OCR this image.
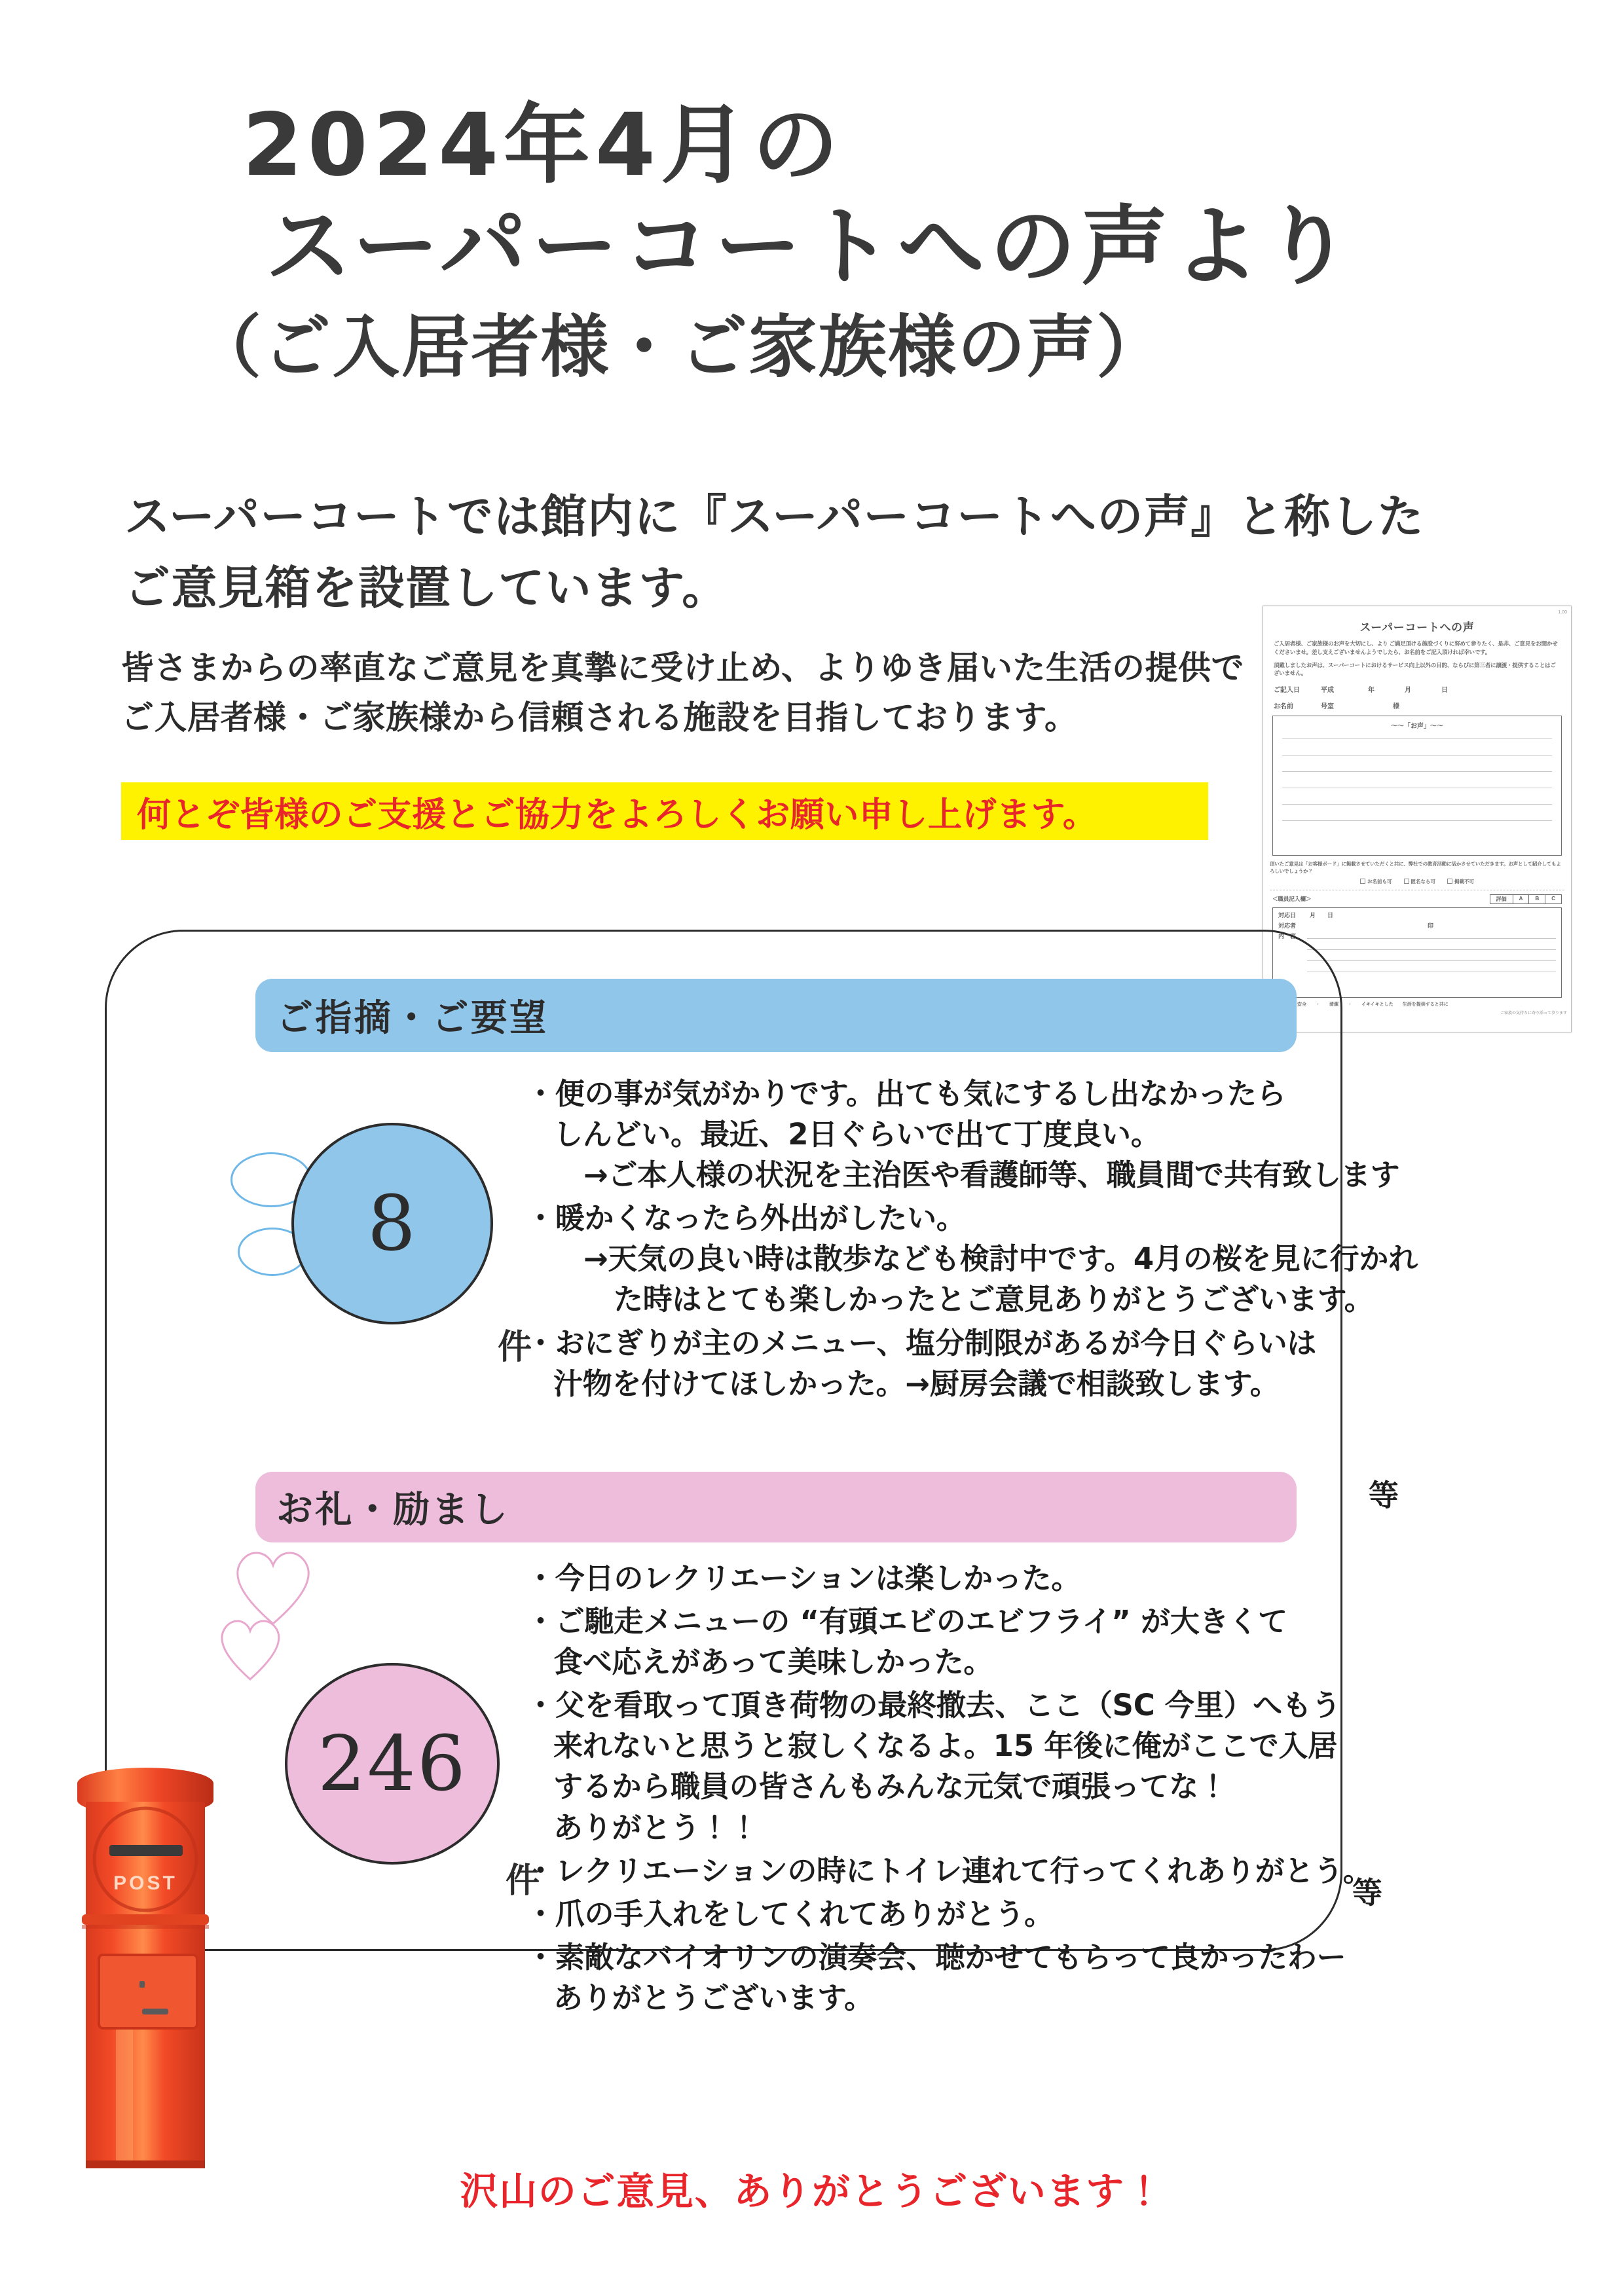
2024年4月の
スーパーコートへの声より
（ご入居者様・ご家族様の声）
スーパーコートでは館内に『スーパーコートへの声』と称した
ご意見箱を設置しています。
皆さまからの率直なご意見を真摯に受け止め、よりゆき届いた生活の提供で
ご入居者様・ご家族様から信頼される施設を目指しております。
何とぞ皆様のご支援とご協力をよろしくお願い申し上げます。
1.00
スーパーコートへの声
ご入居者様、ご家族様のお声を大切にし、より ご満足頂ける施設づくりに努めて参りたく、是非、ご意見をお聞かせくださいませ。差し支えございませんようでしたら、お名前をご記入頂ければ幸いです。
頂戴しましたお声は、スーパーコートにおけるサービス向上以外の目的、ならびに第三者に譲渡・提供することはございません。
ご記入日	平成	年	月	日
お名前	号室	様
〜〜「お声」〜〜
頂いたご意見は「お客様ボード」に掲載させていただくと共に、弊社での教育活動に活かさせていただきます。お声として紹介してもよろしいでしょうか？
お名前も可	匿名なら可	掲載不可
＜職員記入欄＞	評価	A	B	C
対応日	月　　日
対応者	印
内　容
安全 ・ 清潔 ・ イキイキとした 生活を提供すると共に
ご家族の気持ちに寄り添って参ります
ご指摘・ご要望
8
件
・ 便の事が気がかりです。出ても気にするし出なかったら
しんどい。最近、2日ぐらいで出て丁度良い。
→ご本人様の状況を主治医や看護師等、職員間で共有致します
・ 暖かくなったら外出がしたい。
→天気の良い時は散歩なども検討中です。4月の桜を見に行かれ
た時はとても楽しかったとご意見ありがとうございます。
・ おにぎりが主のメニュー、塩分制限があるが今日ぐらいは
汁物を付けてほしかった。→厨房会議で相談致します。
等
お礼・励まし
246
件
・ 今日のレクリエーションは楽しかった。
・ ご馳走メニューの “有頭エビのエビフライ” が大きくて
食べ応えがあって美味しかった。
・ 父を看取って頂き荷物の最終撤去、ここ（SC 今里）へもう
来れないと思うと寂しくなるよ。15 年後に俺がここで入居
するから職員の皆さんもみんな元気で頑張ってな！
ありがとう！！
・ レクリエーションの時にトイレ連れて行ってくれありがとう。
・ 爪の手入れをしてくれてありがとう。
・ 素敵なバイオリンの演奏会、聴かせてもらって良かったわー
ありがとうございます。
等
POST
沢山のご意見、ありがとうございます！
